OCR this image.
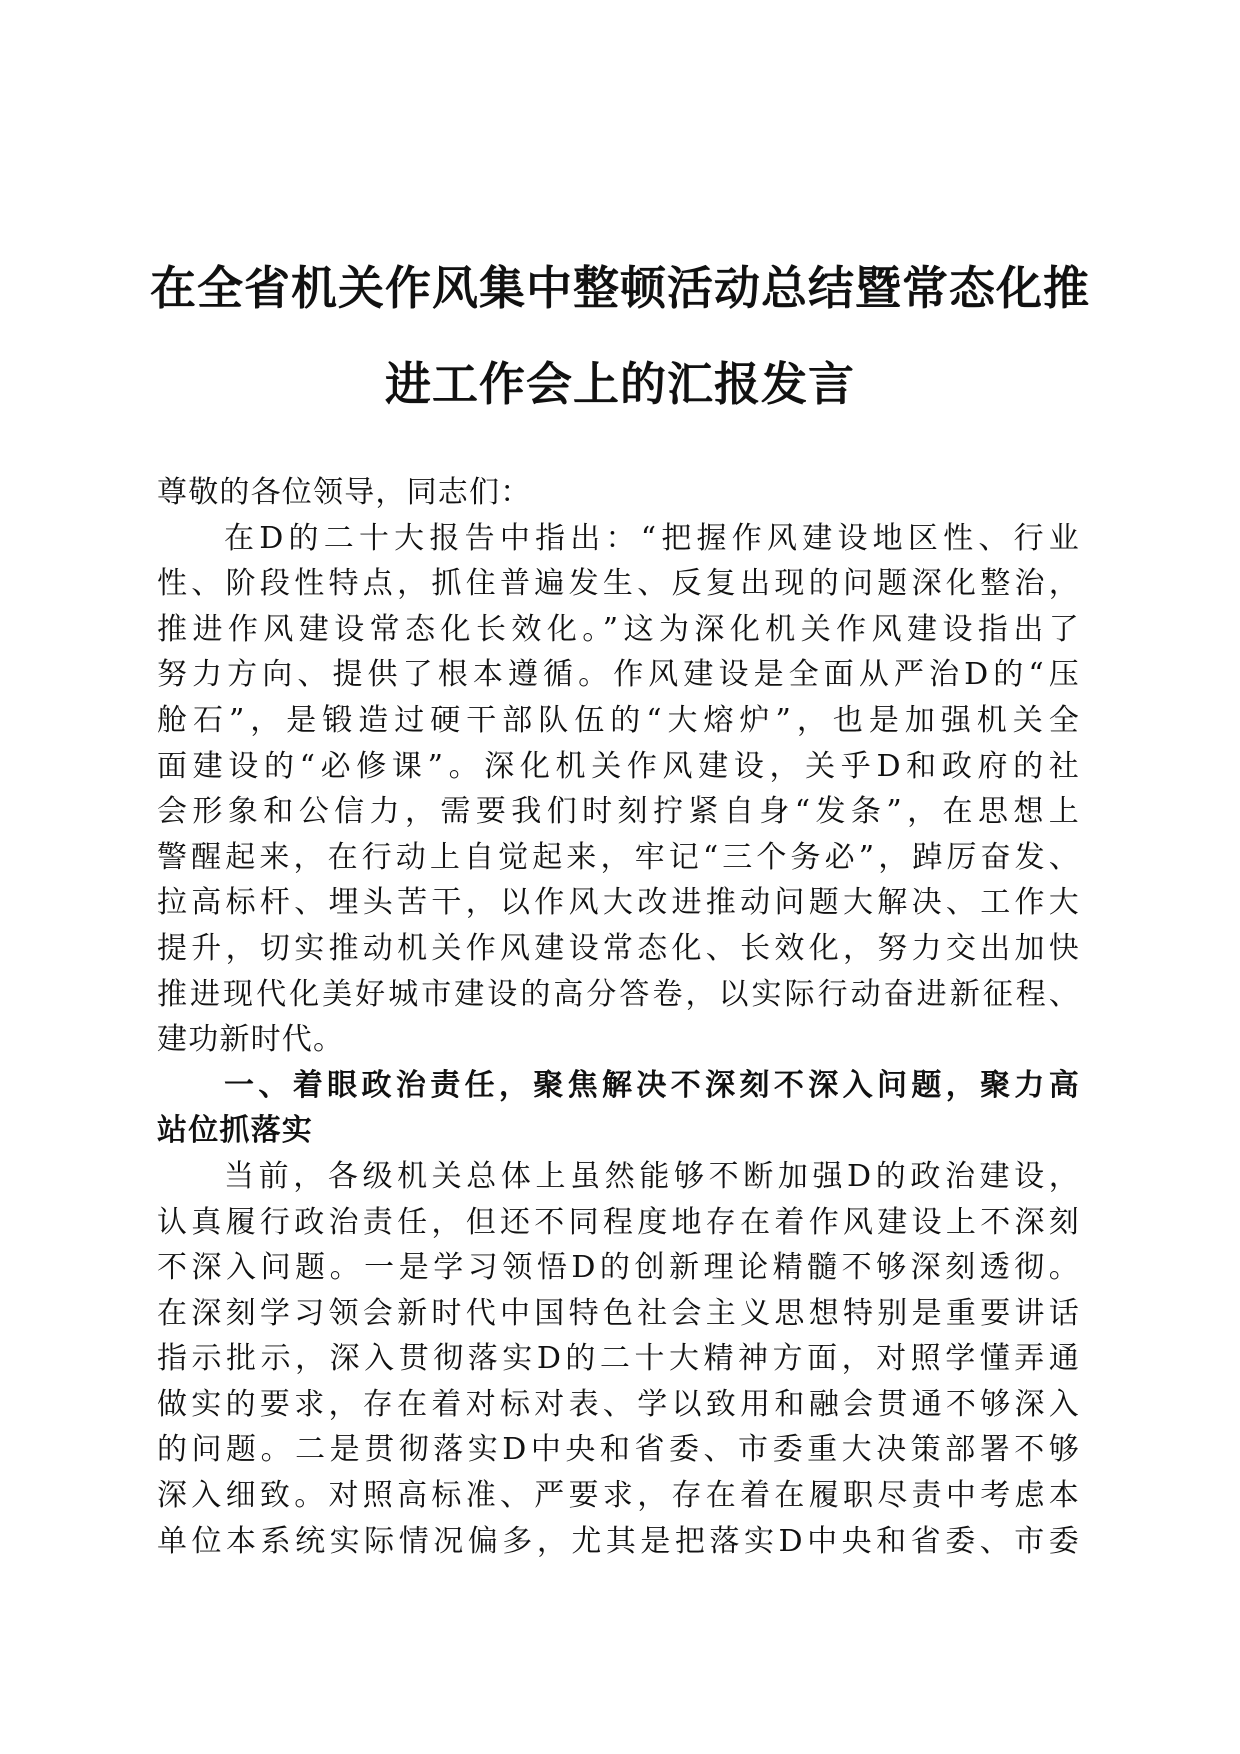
在全省机关作风集中整顿活动总结暨常态化推
进工作会上的汇报发言
尊敬的各位领导，同志们：
在D的二十大报告中指出：“把握作风建设地区性、行业
性、阶段性特点，抓住普遍发生、反复出现的问题深化整治，
推进作风建设常态化长效化。”这为深化机关作风建设指出了
努力方向、提供了根本遵循。作风建设是全面从严治D的“压
舱石”，是锻造过硬干部队伍的“大熔炉”，也是加强机关全
面建设的“必修课”。深化机关作风建设，关乎D和政府的社
会形象和公信力，需要我们时刻拧紧自身“发条”，在思想上
警醒起来，在行动上自觉起来，牢记“三个务必”，踔厉奋发、
拉高标杆、埋头苦干，以作风大改进推动问题大解决、工作大
提升，切实推动机关作风建设常态化、长效化，努力交出加快
推进现代化美好城市建设的高分答卷，以实际行动奋进新征程、
建功新时代。
一、着眼政治责任，聚焦解决不深刻不深入问题，聚力高
站位抓落实
当前，各级机关总体上虽然能够不断加强D的政治建设，
认真履行政治责任，但还不同程度地存在着作风建设上不深刻
不深入问题。一是学习领悟D的创新理论精髓不够深刻透彻。
在深刻学习领会新时代中国特色社会主义思想特别是重要讲话
指示批示，深入贯彻落实D的二十大精神方面，对照学懂弄通
做实的要求，存在着对标对表、学以致用和融会贯通不够深入
的问题。二是贯彻落实D中央和省委、市委重大决策部署不够
深入细致。对照高标准、严要求，存在着在履职尽责中考虑本
单位本系统实际情况偏多，尤其是把落实D中央和省委、市委
